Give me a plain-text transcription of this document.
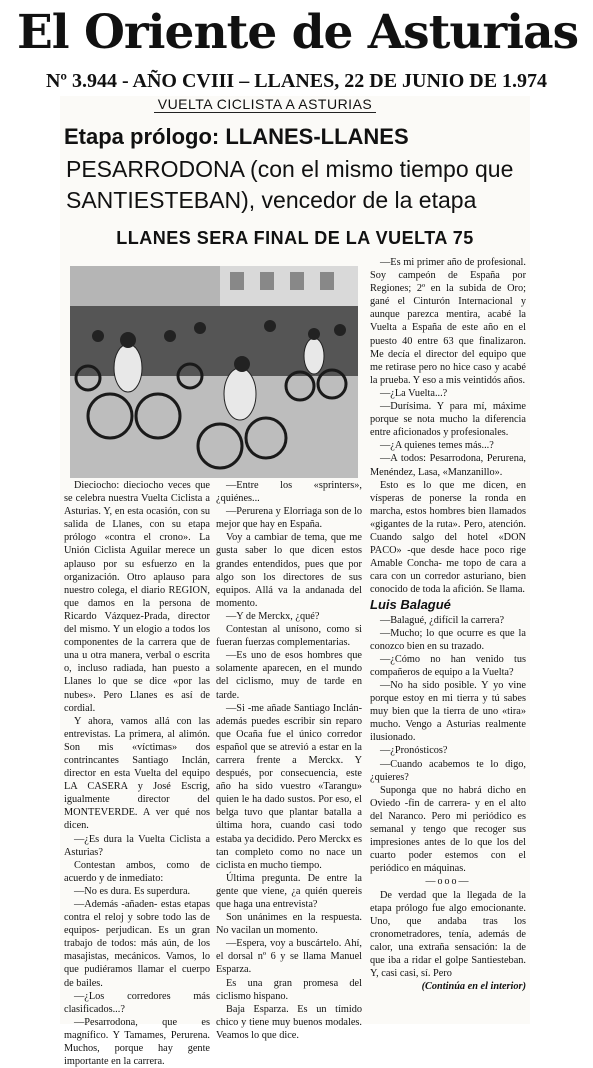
El Oriente de Asturias
Nº 3.944 - AÑO CVIII – LLANES, 22 DE JUNIO DE 1.974
VUELTA CICLISTA A ASTURIAS
Etapa prólogo: LLANES-LLANES
PESARRODONA (con el mismo tiempo que SANTIESTEBAN), vencedor de la etapa
LLANES SERA FINAL DE LA VUELTA 75

Dieciocho: dieciocho veces que se celebra nuestra Vuelta Ciclista a Asturias. Y, en esta ocasión, con su salida de Llanes, con su etapa prólogo «contra el crono». La Unión Ciclista Aguilar merece un aplauso por su esfuerzo en la organización. Otro aplauso para nuestro colega, el diario REGION, que damos en la persona de Ricardo Vázquez-Prada, director del mismo. Y un elogio a todos los componentes de la carrera que de una u otra manera, verbal o escrita o, incluso radiada, han puesto a Llanes lo que se dice «por las nubes». Pero Llanes es así de cordial.

Y ahora, vamos allá con las entrevistas. La primera, al alimón. Son mis «víctimas» dos contrincantes Santiago Inclán, director en esta Vuelta del equipo LA CASERA y José Escrig, igualmente director del MONTEVERDE. A ver qué nos dicen.

—¿Es dura la Vuelta Ciclista a Asturias?

Contestan ambos, como de acuerdo y de inmediato:

—No es dura. Es superdura.

—Además -añaden- estas etapas contra el reloj y sobre todo las de equipos- perjudican. Es un gran trabajo de todos: más aún, de los masajistas, mecánicos. Vamos, lo que pudiéramos llamar el cuerpo de bailes.

—¿Los corredores más clasificados...?

—Pesarrodona, que es magnífico. Y Tamames, Perurena. Muchos, porque hay gente importante en la carrera.

—Entre los «sprinters», ¿quiénes...

—Perurena y Elorriaga son de lo mejor que hay en España.

Voy a cambiar de tema, que me gusta saber lo que dicen estos grandes entendidos, pues que por algo son los directores de sus equipos. Allá va la andanada del momento.

—Y de Merckx, ¿qué?

Contestan al unísono, como si fueran fuerzas complementarias.

—Es uno de esos hombres que solamente aparecen, en el mundo del ciclismo, muy de tarde en tarde.

—Si -me añade Santiago Inclán- además puedes escribir sin reparo que Ocaña fue el único corredor español que se atrevió a estar en la carrera frente a Merckx. Y después, por consecuencia, este año ha sido vuestro «Tarangu» quien le ha dado sustos. Por eso, el belga tuvo que plantar batalla a última hora, cuando casi todo estaba ya decidido. Pero Merckx es tan completo como no nace un ciclista en mucho tiempo.

Última pregunta. De entre la gente que viene, ¿a quién quereis que haga una entrevista?

Son unánimes en la respuesta. No vacilan un momento.

—Espera, voy a buscártelo. Ahí, el dorsal nº 6 y se llama Manuel Esparza.

Es una gran promesa del ciclismo hispano.

Baja Esparza. Es un tímido chico y tiene muy buenos modales. Veamos lo que dice.

—Es mi primer año de profesional. Soy campeón de España por Regiones; 2º en la subida de Oro; gané el Cinturón Internacional y aunque parezca mentira, acabé la Vuelta a España de este año en el puesto 40 entre 63 que finalizaron. Me decía el director del equipo que me retirase pero no hice caso y acabé la prueba. Y eso a mis veintidós años.

—¿La Vuelta...?

—Durísima. Y para mí, máxime porque se nota mucho la diferencia entre aficionados y profesionales.

—¿A quienes temes más...?

—A todos: Pesarrodona, Perurena, Menéndez, Lasa, «Manzanillo».

Esto es lo que me dicen, en vísperas de ponerse la ronda en marcha, estos hombres bien llamados «gigantes de la ruta». Pero, atención. Cuando salgo del hotel «DON PACO» -que desde hace poco rige Amable Concha- me topo de cara a cara con un corredor asturiano, bien conocido de toda la afición. Se llama.

Luis Balagué

—Balagué, ¿difícil la carrera?

—Mucho; lo que ocurre es que la conozco bien en su trazado.

—¿Cómo no han venido tus compañeros de equipo a la Vuelta?

—No ha sido posible. Y yo vine porque estoy en mi tierra y tú sabes muy bien que la tierra de uno «tira» mucho. Vengo a Asturias realmente ilusionado.

—¿Pronósticos?

—Cuando acabemos te lo digo, ¿quieres?

Suponga que no habrá dicho en Oviedo -fin de carrera- y en el alto del Naranco. Pero mi periódico es semanal y tengo que recoger sus impresiones antes de lo que los del cuarto poder estemos con el periódico en máquinas.

—ooo—

De verdad que la llegada de la etapa prólogo fue algo emocionante. Uno, que andaba tras los cronometradores, tenía, además de calor, una extraña sensación: la de que iba a ridar el golpe Santiesteban. Y, casi casi, sí. Pero

(Continúa en el interior)
